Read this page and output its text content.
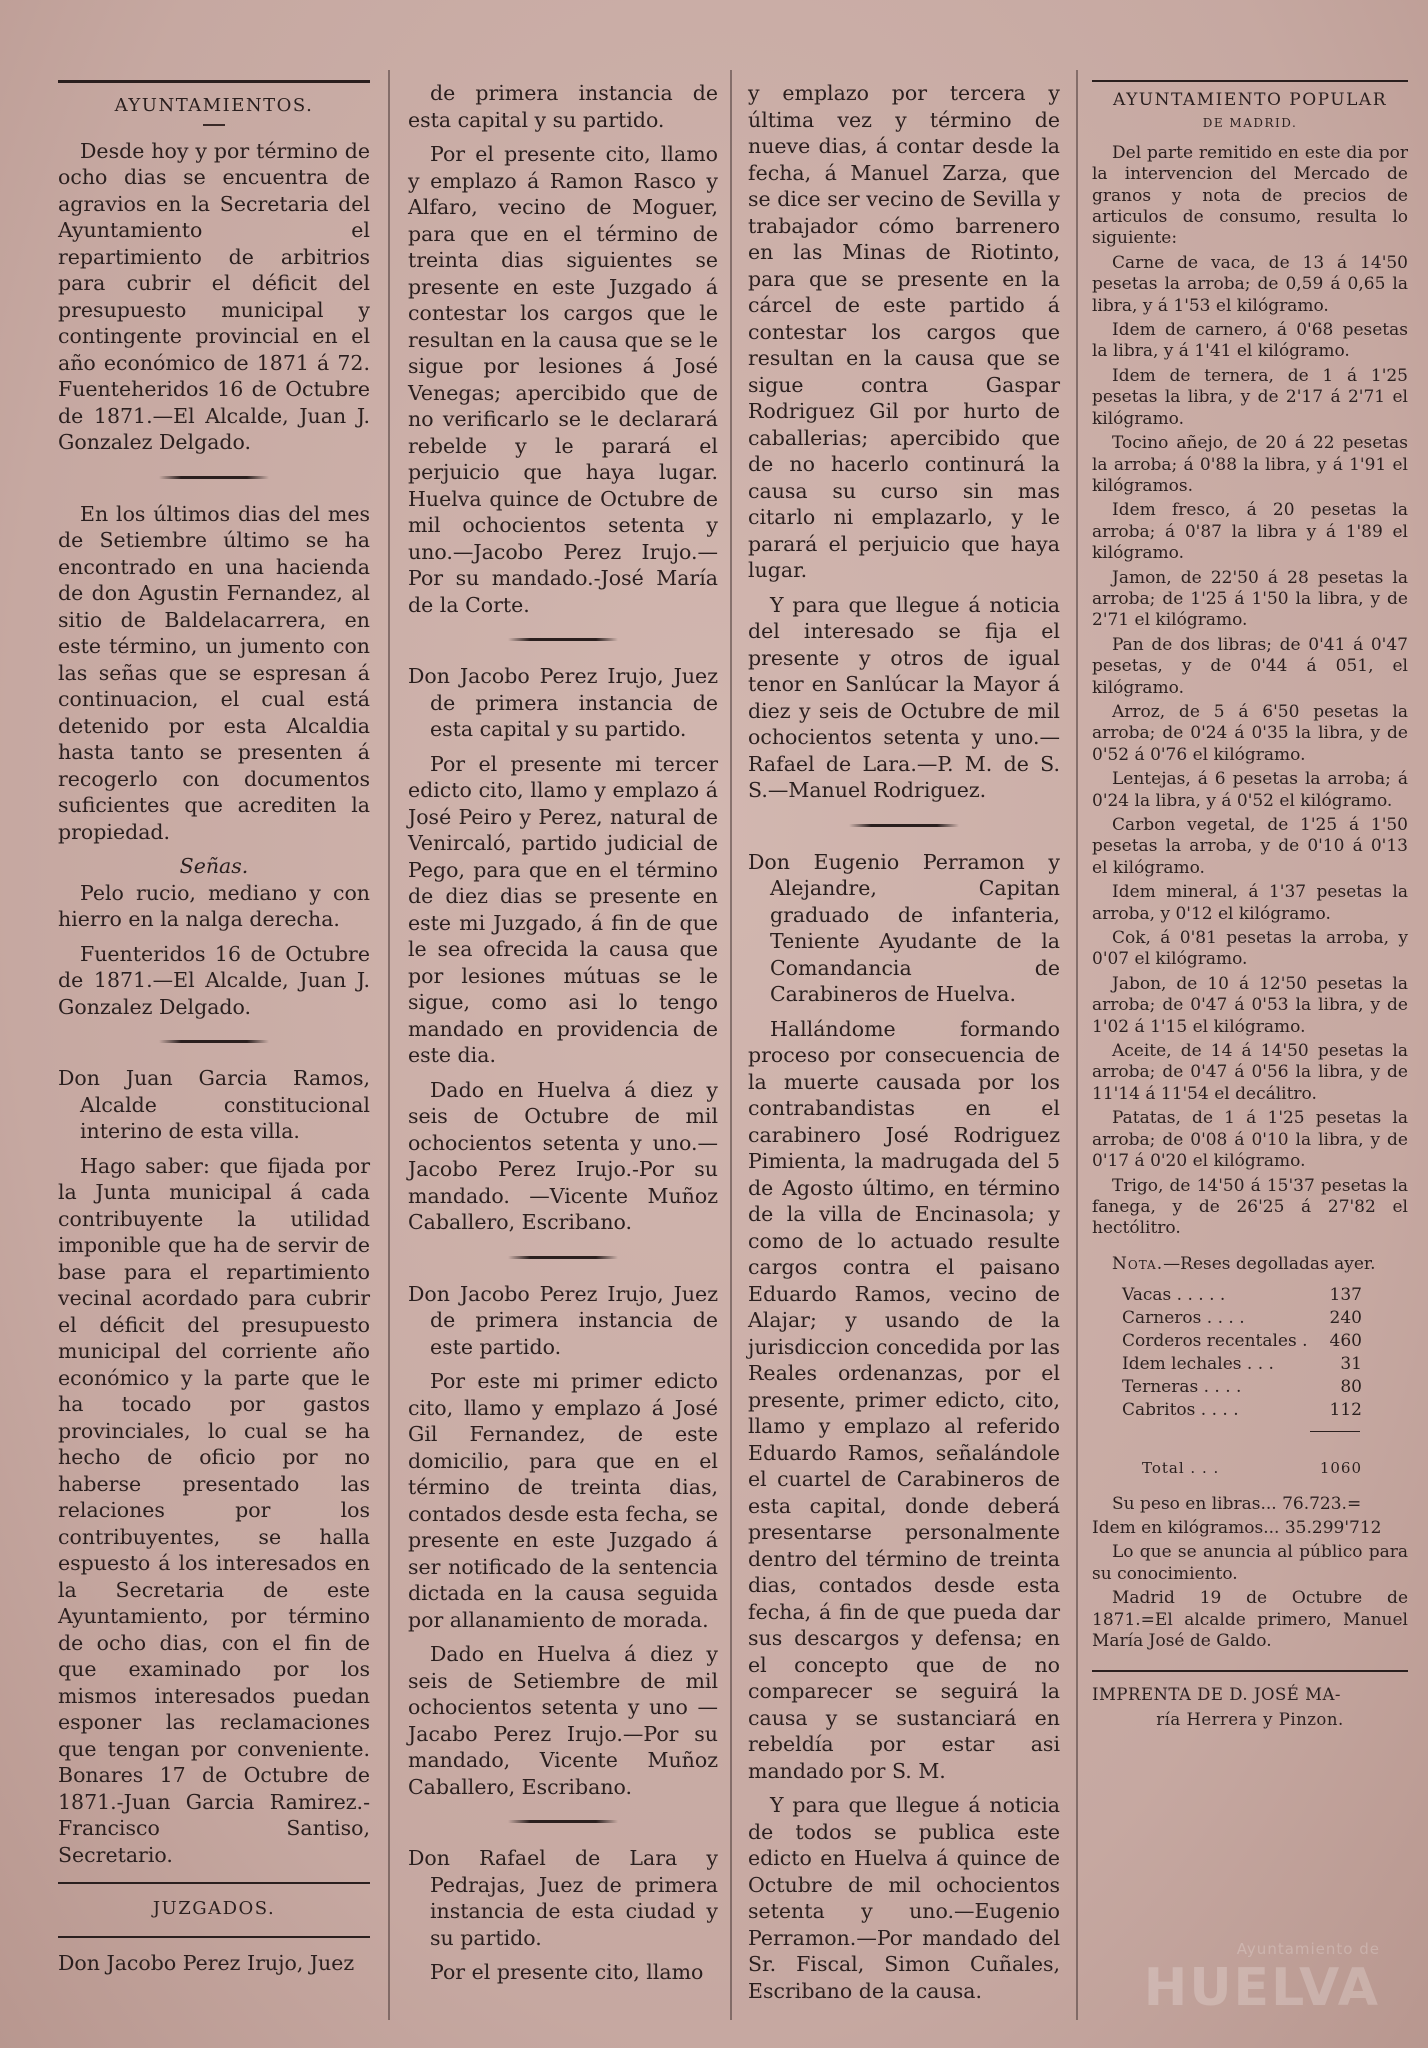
AYUNTAMIENTOS.

Desde hoy y por término de ocho dias se encuentra de agravios en la Secretaria del Ayuntamiento el repartimiento de arbitrios para cubrir el déficit del presupuesto municipal y contingente provincial en el año económico de 1871 á 72. Fuenteheridos 16 de Octubre de 1871.—El Alcalde, Juan J. Gonzalez Delgado.

En los últimos dias del mes de Setiembre último se ha encontrado en una hacienda de don Agustin Fernandez, al sitio de Baldelacarrera, en este término, un jumento con las señas que se espresan á continuacion, el cual está detenido por esta Alcaldia hasta tanto se presenten á recogerlo con documentos suficientes que acrediten la propiedad.

Señas.

Pelo rucio, mediano y con hierro en la nalga derecha.

Fuenteridos 16 de Octubre de 1871.—El Alcalde, Juan J. Gonzalez Delgado.

Don Juan Garcia Ramos, Alcalde constitucional interino de esta villa.

Hago saber: que fijada por la Junta municipal á cada contribuyente la utilidad imponible que ha de servir de base para el repartimiento vecinal acordado para cubrir el déficit del presupuesto municipal del corriente año económico y la parte que le ha tocado por gastos provinciales, lo cual se ha hecho de oficio por no haberse presentado las relaciones por los contribuyentes, se halla espuesto á los interesados en la Secretaria de este Ayuntamiento, por término de ocho dias, con el fin de que examinado por los mismos interesados puedan esponer las reclamaciones que tengan por conveniente. Bonares 17 de Octubre de 1871.-Juan Garcia Ramirez.-Francisco Santiso, Secretario.

JUZGADOS.

Don Jacobo Perez Irujo, Juez

de primera instancia de esta capital y su partido.

Por el presente cito, llamo y emplazo á Ramon Rasco y Alfaro, vecino de Moguer, para que en el término de treinta dias siguientes se presente en este Juzgado á contestar los cargos que le resultan en la causa que se le sigue por lesiones á José Venegas; apercibido que de no verificarlo se le declarará rebelde y le parará el perjuicio que haya lugar. Huelva quince de Octubre de mil ochocientos setenta y uno.—Jacobo Perez Irujo.—Por su mandado.-José María de la Corte.

Don Jacobo Perez Irujo, Juez de primera instancia de esta capital y su partido.

Por el presente mi tercer edicto cito, llamo y emplazo á José Peiro y Perez, natural de Venircaló, partido judicial de Pego, para que en el término de diez dias se presente en este mi Juzgado, á fin de que le sea ofrecida la causa que por lesiones mútuas se le sigue, como asi lo tengo mandado en providencia de este dia.

Dado en Huelva á diez y seis de Octubre de mil ochocientos setenta y uno.—Jacobo Perez Irujo.-Por su mandado. —Vicente Muñoz Caballero, Escribano.

Don Jacobo Perez Irujo, Juez de primera instancia de este partido.

Por este mi primer edicto cito, llamo y emplazo á José Gil Fernandez, de este domicilio, para que en el término de treinta dias, contados desde esta fecha, se presente en este Juzgado á ser notificado de la sentencia dictada en la causa seguida por allanamiento de morada.

Dado en Huelva á diez y seis de Setiembre de mil ochocientos setenta y uno — Jacabo Perez Irujo.—Por su mandado, Vicente Muñoz Caballero, Escribano.

Don Rafael de Lara y Pedrajas, Juez de primera instancia de esta ciudad y su partido.

Por el presente cito, llamo

y emplazo por tercera y última vez y término de nueve dias, á contar desde la fecha, á Manuel Zarza, que se dice ser vecino de Sevilla y trabajador cómo barrenero en las Minas de Riotinto, para que se presente en la cárcel de este partido á contestar los cargos que resultan en la causa que se sigue contra Gaspar Rodriguez Gil por hurto de caballerias; apercibido que de no hacerlo continurá la causa su curso sin mas citarlo ni emplazarlo, y le parará el perjuicio que haya lugar.

Y para que llegue á noticia del interesado se fija el presente y otros de igual tenor en Sanlúcar la Mayor á diez y seis de Octubre de mil ochocientos setenta y uno.—Rafael de Lara.—P. M. de S. S.—Manuel Rodriguez.

Don Eugenio Perramon y Alejandre, Capitan graduado de infanteria, Teniente Ayudante de la Comandancia de Carabineros de Huelva.

Hallándome formando proceso por consecuencia de la muerte causada por los contrabandistas en el carabinero José Rodriguez Pimienta, la madrugada del 5 de Agosto último, en término de la villa de Encinasola; y como de lo actuado resulte cargos contra el paisano Eduardo Ramos, vecino de Alajar; y usando de la jurisdiccion concedida por las Reales ordenanzas, por el presente, primer edicto, cito, llamo y emplazo al referido Eduardo Ramos, señalándole el cuartel de Carabineros de esta capital, donde deberá presentarse personalmente dentro del término de treinta dias, contados desde esta fecha, á fin de que pueda dar sus descargos y defensa; en el concepto que de no comparecer se seguirá la causa y se sustanciará en rebeldía por estar asi mandado por S. M.

Y para que llegue á noticia de todos se publica este edicto en Huelva á quince de Octubre de mil ochocientos setenta y uno.—Eugenio Perramon.—Por mandado del Sr. Fiscal, Simon Cuñales, Escribano de la causa.

AYUNTAMIENTO POPULAR
DE MADRID.

Del parte remitido en este dia por la intervencion del Mercado de granos y nota de precios de articulos de consumo, resulta lo siguiente:

Carne de vaca, de 13 á 14'50 pesetas la arroba; de 0,59 á 0,65 la libra, y á 1'53 el kilógramo.

Idem de carnero, á 0'68 pesetas la libra, y á 1'41 el kilógramo.

Idem de ternera, de 1 á 1'25 pesetas la libra, y de 2'17 á 2'71 el kilógramo.

Tocino añejo, de 20 á 22 pesetas la arroba; á 0'88 la libra, y á 1'91 el kilógramos.

Idem fresco, á 20 pesetas la arroba; á 0'87 la libra y á 1'89 el kilógramo.

Jamon, de 22'50 á 28 pesetas la arroba; de 1'25 á 1'50 la libra, y de 2'71 el kilógramo.

Pan de dos libras; de 0'41 á 0'47 pesetas, y de 0'44 á 051, el kilógramo.

Arroz, de 5 á 6'50 pesetas la arroba; de 0'24 á 0'35 la libra, y de 0'52 á 0'76 el kilógramo.

Lentejas, á 6 pesetas la arroba; á 0'24 la libra, y á 0'52 el kilógramo.

Carbon vegetal, de 1'25 á 1'50 pesetas la arroba, y de 0'10 á 0'13 el kilógramo.

Idem mineral, á 1'37 pesetas la arroba, y 0'12 el kilógramo.

Cok, á 0'81 pesetas la arroba, y 0'07 el kilógramo.

Jabon, de 10 á 12'50 pesetas la arroba; de 0'47 á 0'53 la libra, y de 1'02 á 1'15 el kilógramo.

Aceite, de 14 á 14'50 pesetas la arroba; de 0'47 á 0'56 la libra, y de 11'14 á 11'54 el decálitro.

Patatas, de 1 á 1'25 pesetas la arroba; de 0'08 á 0'10 la libra, y de 0'17 á 0'20 el kilógramo.

Trigo, de 14'50 á 15'37 pesetas la fanega, y de 26'25 á 27'82 el hectólitro.

Nota.—Reses degolladas ayer.

Vacas . . . . .	137
Carneros . . . .	240
Corderos recentales . 460
Idem lechales . . .	31
Terneras . . . .	80
Cabritos . . . .	112
Total . . .	1060

Su peso en libras... 76.723.=

Idem en kilógramos... 35.299'712

Lo que se anuncia al público para su conocimiento.

Madrid 19 de Octubre de 1871.=El alcalde primero, Manuel María José de Galdo.

IMPRENTA DE D. JOSÉ MA-
ría Herrera y Pinzon.
Ayuntamiento de
HUELVA
